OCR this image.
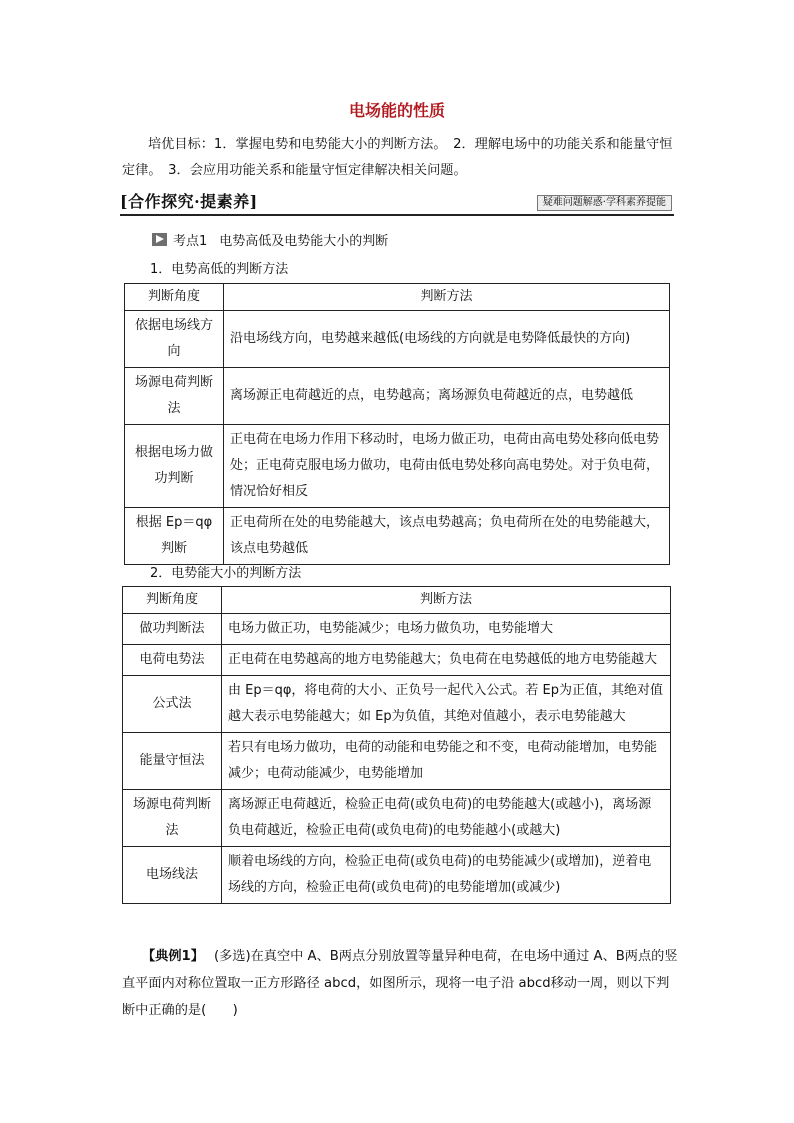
电场能的性质
培优目标：1．掌握电势和电势能大小的判断方法。　2．理解电场中的功能关系和能量守恒定律。　3．会应用功能关系和能量守恒定律解决相关问题。
[合作探究·提素养]	疑难问题解惑·学科素养提能
考点1 电势高低及电势能大小的判断
1．电势高低的判断方法
判断角度	判断方法
依据电场线方向	沿电场线方向，电势越来越低(电场线的方向就是电势降低最快的方向)
场源电荷判断法	离场源正电荷越近的点，电势越高；离场源负电荷越近的点，电势越低
根据电场力做功判断	正电荷在电场力作用下移动时，电场力做正功，电荷由高电势处移向低电势处；正电荷克服电场力做功，电荷由低电势处移向高电势处。对于负电荷，情况恰好相反
根据 Ep＝qφ 判断	正电荷所在处的电势能越大，该点电势越高；负电荷所在处的电势能越大，该点电势越低
2．电势能大小的判断方法
判断角度	判断方法
做功判断法	电场力做正功，电势能减少；电场力做负功，电势能增大
电荷电势法	正电荷在电势越高的地方电势能越大；负电荷在电势越低的地方电势能越大
公式法	由 Ep＝qφ，将电荷的大小、正负号一起代入公式。若 Ep为正值，其绝对值越大表示电势能越大；如 Ep为负值，其绝对值越小，表示电势能越大
能量守恒法	若只有电场力做功，电荷的动能和电势能之和不变，电荷动能增加，电势能减少；电荷动能减少，电势能增加
场源电荷判断法	离场源正电荷越近，检验正电荷(或负电荷)的电势能越大(或越小)，离场源负电荷越近，检验正电荷(或负电荷)的电势能越小(或越大)
电场线法	顺着电场线的方向，检验正电荷(或负电荷)的电势能减少(或增加)，逆着电场线的方向，检验正电荷(或负电荷)的电势能增加(或减少)
【典例1】 (多选)在真空中 A、B两点分别放置等量异种电荷，在电场中通过 A、B两点的竖直平面内对称位置取一正方形路径 abcd，如图所示，现将一电子沿 abcd移动一周，则以下判断中正确的是(　　)
